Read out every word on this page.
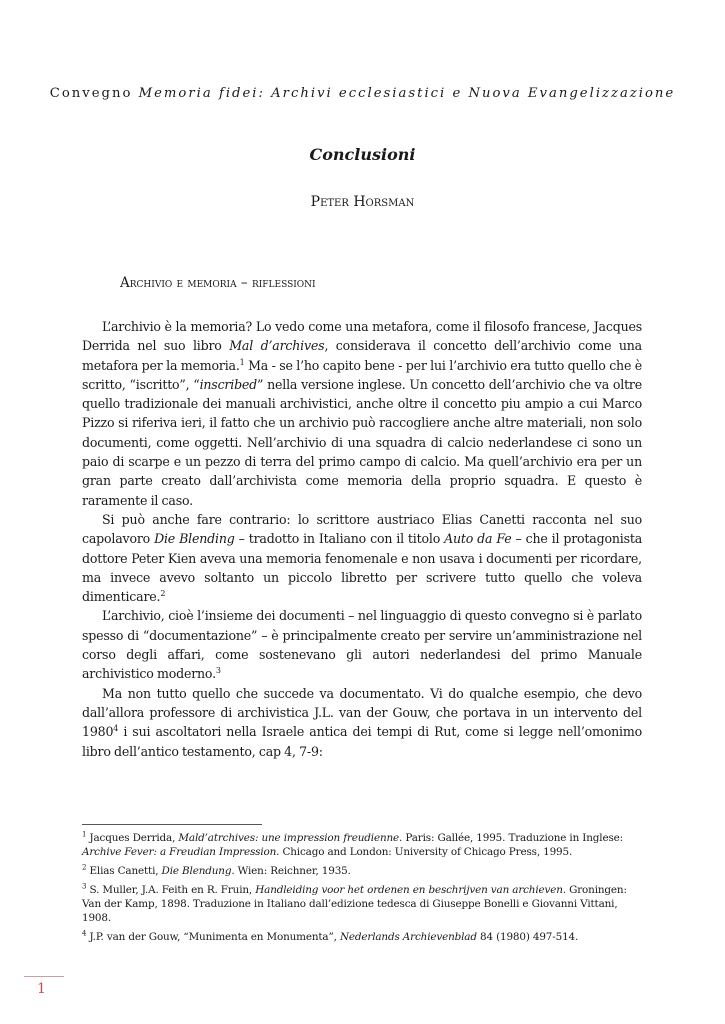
Convegno Memoria fidei: Archivi ecclesiastici e Nuova Evangelizzazione
Conclusioni
Peter Horsman
Archivio e memoria – riflessioni

L’archivio è la memoria? Lo vedo come una metafora, come il filosofo francese, Jacques Derrida nel suo libro Mal d’archives, considerava il concetto dell’archivio come una metafora per la memoria.$^1$ Ma - se l’ho capito bene - per lui l’archivio era tutto quello che è scritto, “iscritto”, “inscribed” nella versione inglese. Un concetto dell’archivio che va oltre quello tradizionale dei manuali archivistici, anche oltre il concetto piu ampio a cui Marco Pizzo si riferiva ieri, il fatto che un archivio può raccogliere anche altre materiali, non solo documenti, come oggetti. Nell’archivio di una squadra di calcio nederlandese ci sono un paio di scarpe e un pezzo di terra del primo campo di calcio. Ma quell’archivio era per un gran parte creato dall’archivista come memoria della proprio squadra. E questo è raramente il caso.

Si può anche fare contrario: lo scrittore austriaco Elias Canetti racconta nel suo capolavoro Die Blending – tradotto in Italiano con il titolo Auto da Fe – che il protagonista dottore Peter Kien aveva una memoria fenomenale e non usava i documenti per ricordare, ma invece avevo soltanto un piccolo libretto per scrivere tutto quello che voleva dimenticare.$^2$

L’archivio, cioè l’insieme dei documenti – nel linguaggio di questo convegno si è parlato spesso di “documentazione” – è principalmente creato per servire un’amministrazione nel corso degli affari, come sostenevano gli autori nederlandesi del primo Manuale archivistico moderno.$^3$

Ma non tutto quello che succede va documentato. Vi do qualche esempio, che devo dall’allora professore di archivistica J.L. van der Gouw, che portava in un intervento del 1980$^4$ i sui ascoltatori nella Israele antica dei tempi di Rut, come si legge nell’omonimo libro dell’antico testamento, cap 4, 7-9:

$^1$ Jacques Derrida, Mald’atrchives: une impression freudienne. Paris: Gallée, 1995. Traduzione in Inglese: Archive Fever: a Freudian Impression. Chicago and London: University of Chicago Press, 1995.

$^2$ Elias Canetti, Die Blendung. Wien: Reichner, 1935.

$^3$ S. Muller, J.A. Feith en R. Fruin, Handleiding voor het ordenen en beschrijven van archieven. Groningen: Van der Kamp, 1898. Traduzione in Italiano dall’edizione tedesca di Giuseppe Bonelli e Giovanni Vittani, 1908.

$^4$ J.P. van der Gouw, “Munimenta en Monumenta”, Nederlands Archievenblad 84 (1980) 497-514.

1
